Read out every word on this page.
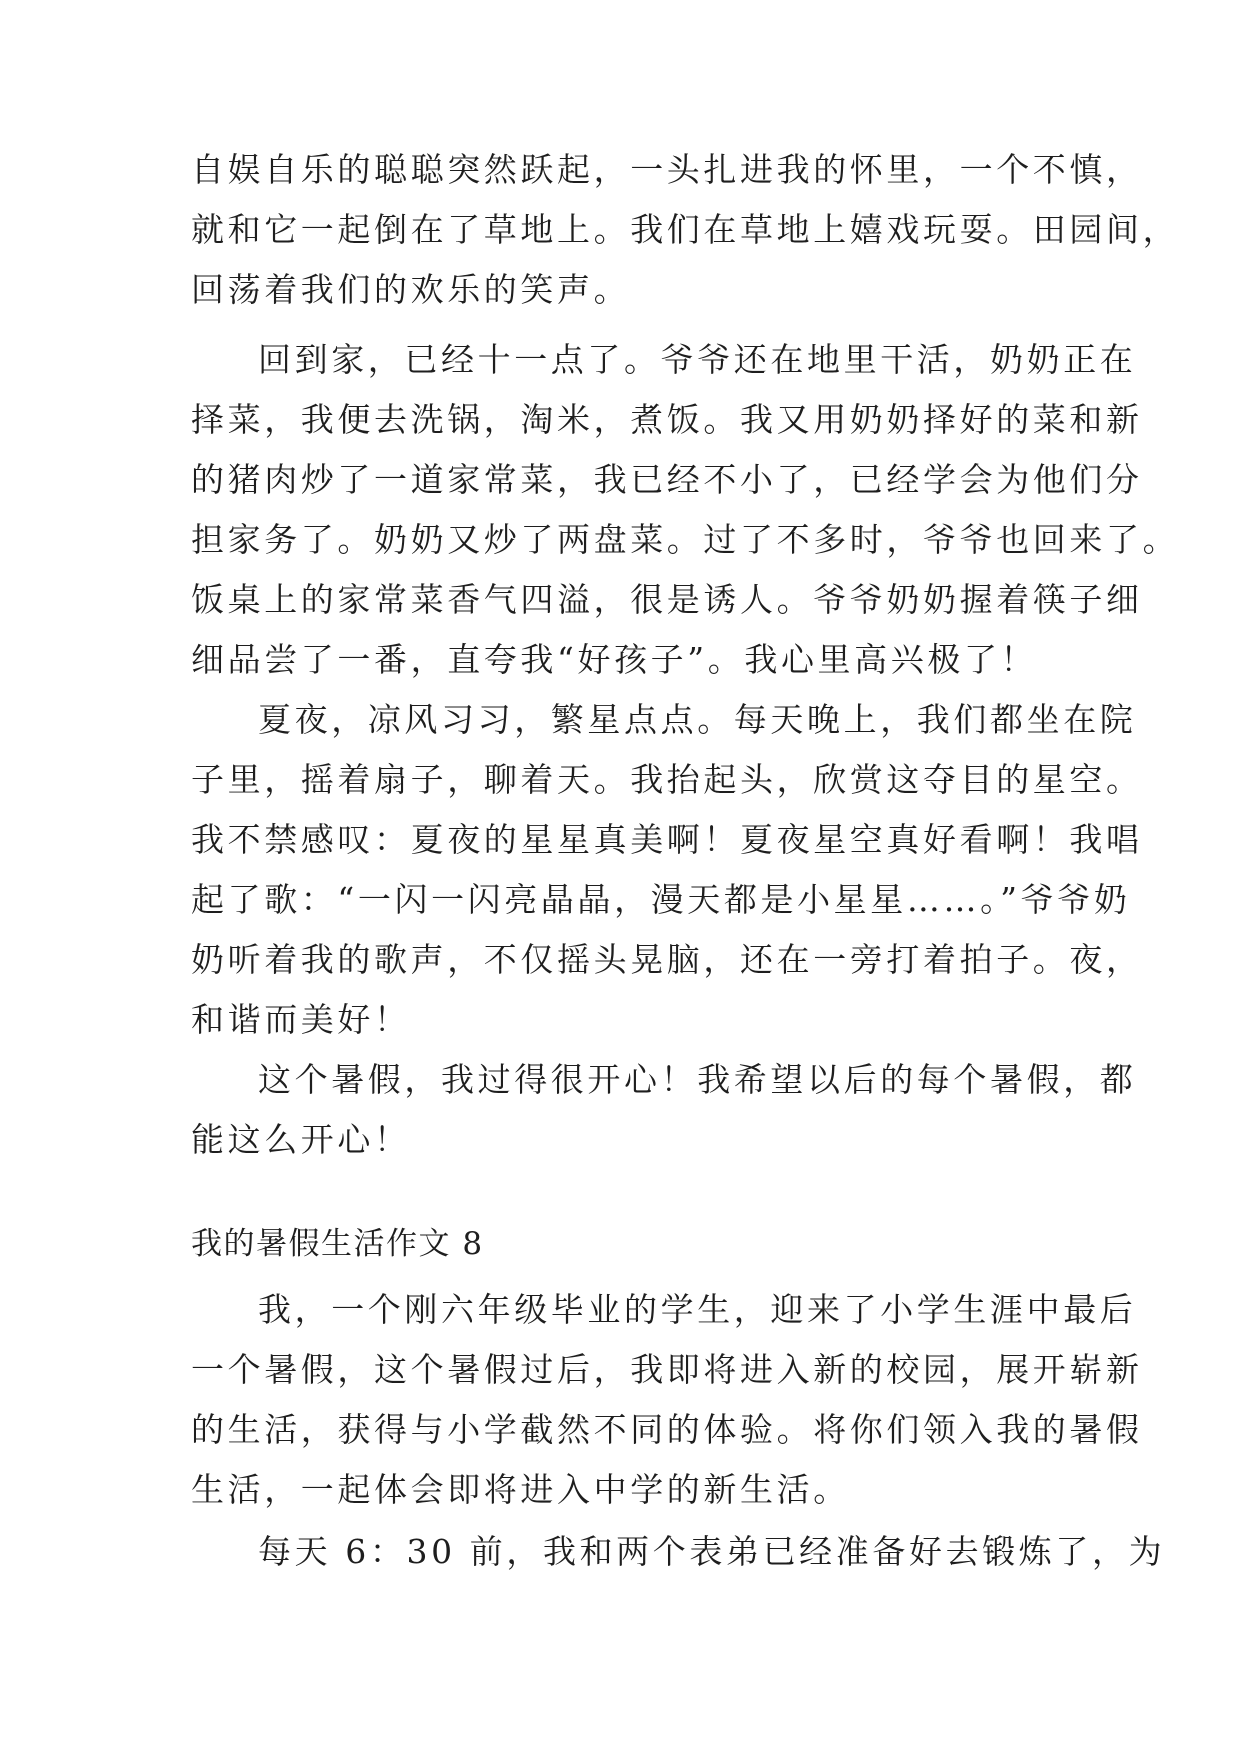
自娱自乐的聪聪突然跃起，一头扎进我的怀里，一个不慎，
就和它一起倒在了草地上。我们在草地上嬉戏玩耍。田园间，
回荡着我们的欢乐的笑声。
回到家，已经十一点了。爷爷还在地里干活，奶奶正在
择菜，我便去洗锅，淘米，煮饭。我又用奶奶择好的菜和新
的猪肉炒了一道家常菜，我已经不小了，已经学会为他们分
担家务了。奶奶又炒了两盘菜。过了不多时，爷爷也回来了。
饭桌上的家常菜香气四溢，很是诱人。爷爷奶奶握着筷子细
细品尝了一番，直夸我“好孩子”。我心里高兴极了！
夏夜，凉风习习，繁星点点。每天晚上，我们都坐在院
子里，摇着扇子，聊着天。我抬起头，欣赏这夺目的星空。
我不禁感叹：夏夜的星星真美啊！夏夜星空真好看啊！我唱
起了歌：“一闪一闪亮晶晶，漫天都是小星星……。”爷爷奶
奶听着我的歌声，不仅摇头晃脑，还在一旁打着拍子。夜，
和谐而美好！
这个暑假，我过得很开心！我希望以后的每个暑假，都
能这么开心！
我的暑假生活作文 8
我，一个刚六年级毕业的学生，迎来了小学生涯中最后
一个暑假，这个暑假过后，我即将进入新的校园，展开崭新
的生活，获得与小学截然不同的体验。将你们领入我的暑假
生活，一起体会即将进入中学的新生活。
每天 6：30 前，我和两个表弟已经准备好去锻炼了，为
